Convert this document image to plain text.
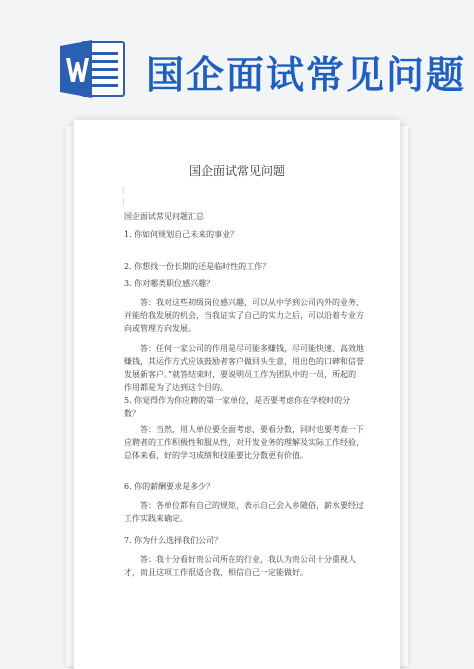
国企面试常见问题
国企面试常见问题
¦
¦
国企面试常见问题汇总
1. 你如何规划自己未来的事业？
2. 你想找一份长期的还是临时性的工作？
3. 你对哪类职位感兴趣？
答：我对这些初级岗位感兴趣，可以从中学到公司内外的业务，并能给我发展的机会，当我证实了自己的实力之后，可以沿着专业方向或管理方向发展。
答：任何一家公司的作用是尽可能多赚钱，尽可能快速、高效地赚钱，其运作方式应该鼓励者客户做回头生意，用出色的口碑和信誉发展新客户。”就答结束时，要说明员工作为团队中的一员，所起的作用都是为了达到这个目的。
5. 你觉得作为你应聘的第一家单位，是否要考虑你在学校时的分数？
答：当然，用人单位要全面考虑，要看分数，同时也要考查一下应聘者的工作积极性和服从性，对开发业务的理解及实际工作经验，总体来看，好的学习成绩和技能要比分数更有价值。
6. 你的薪酬要求是多少？
答：各单位都有自己的规矩，表示自己会入乡随俗，薪水要经过工作实践来确定。
7. 你为什么选择我们公司？
答：我十分看好贵公司所在的行业，我认为贵公司十分重视人才，而且这项工作很适合我，相信自己一定能做好。
